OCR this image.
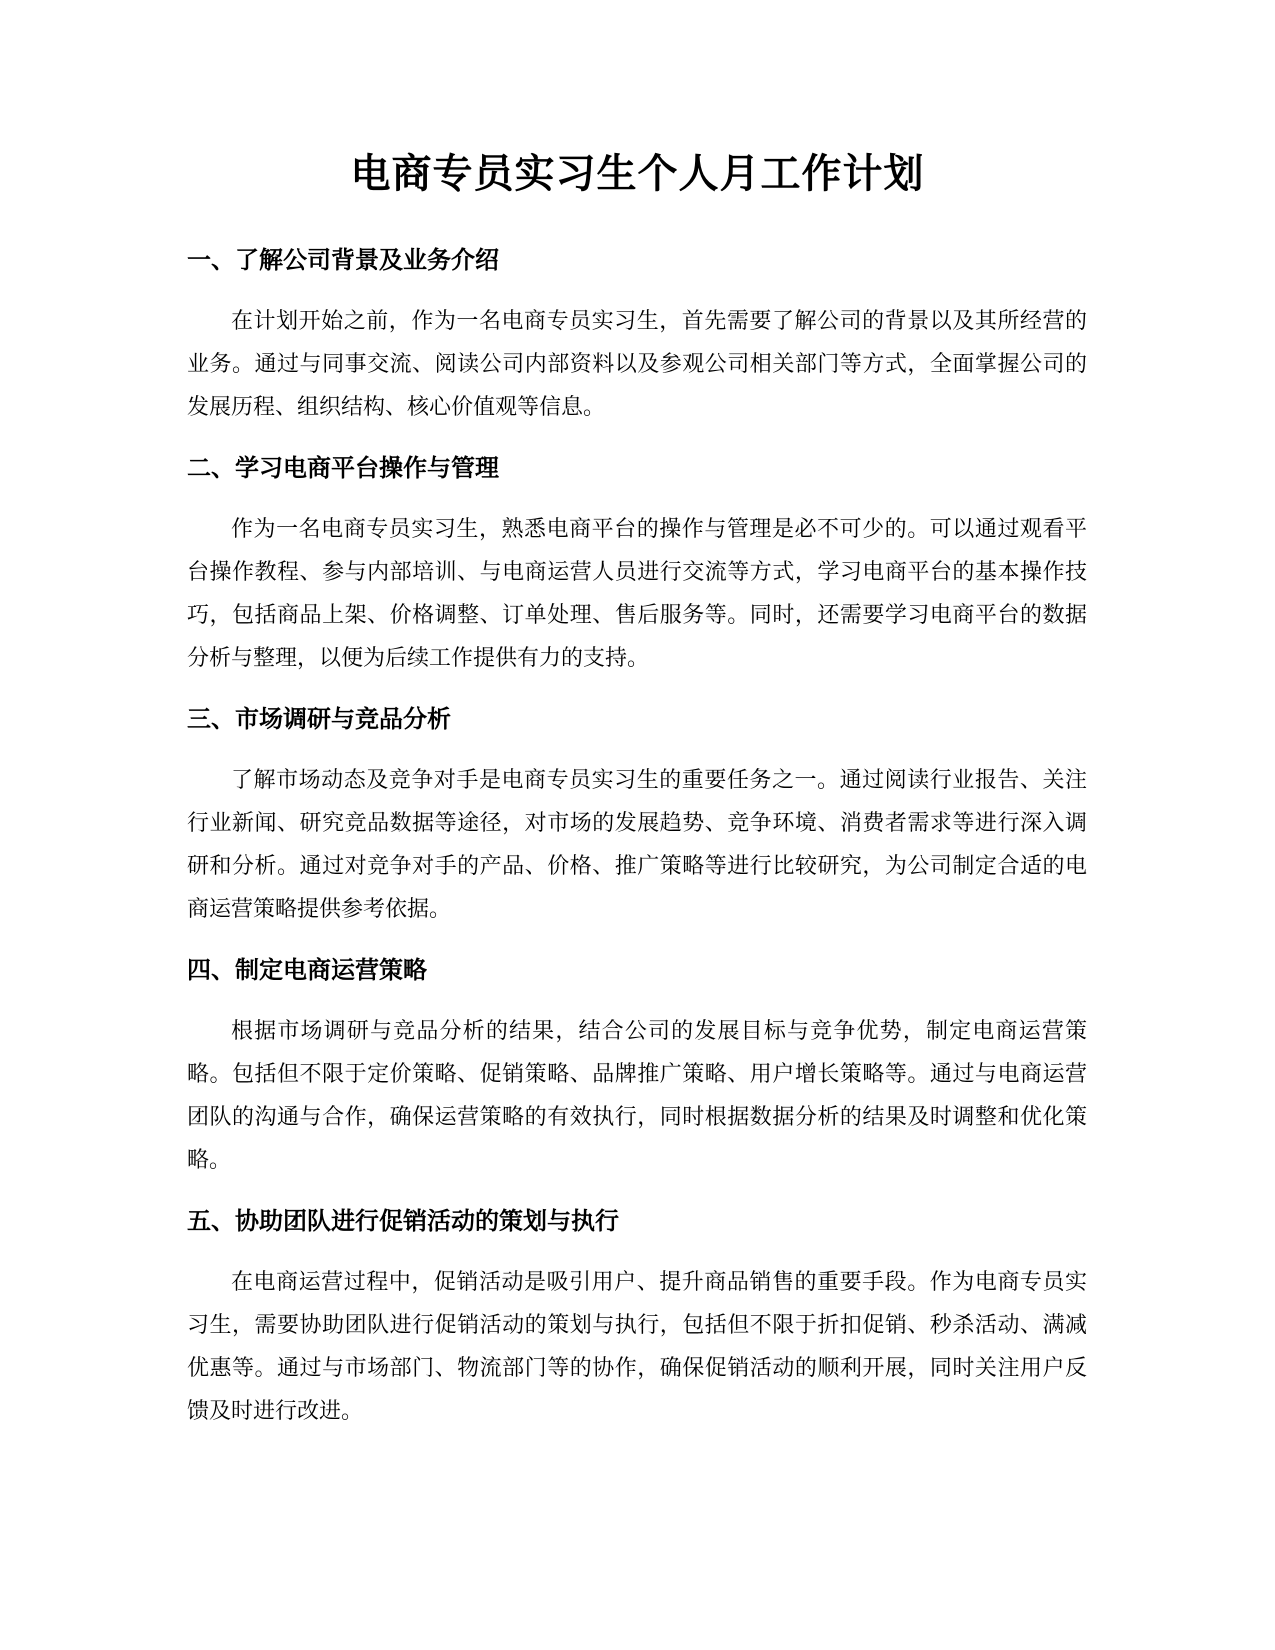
电商专员实习生个人月工作计划
一、了解公司背景及业务介绍

在计划开始之前，作为一名电商专员实习生，首先需要了解公司的背景以及其所经营的业务。通过与同事交流、阅读公司内部资料以及参观公司相关部门等方式，全面掌握公司的发展历程、组织结构、核心价值观等信息。

二、学习电商平台操作与管理

作为一名电商专员实习生，熟悉电商平台的操作与管理是必不可少的。可以通过观看平台操作教程、参与内部培训、与电商运营人员进行交流等方式，学习电商平台的基本操作技巧，包括商品上架、价格调整、订单处理、售后服务等。同时，还需要学习电商平台的数据分析与整理，以便为后续工作提供有力的支持。

三、市场调研与竞品分析

了解市场动态及竞争对手是电商专员实习生的重要任务之一。通过阅读行业报告、关注行业新闻、研究竞品数据等途径，对市场的发展趋势、竞争环境、消费者需求等进行深入调研和分析。通过对竞争对手的产品、价格、推广策略等进行比较研究，为公司制定合适的电商运营策略提供参考依据。

四、制定电商运营策略

根据市场调研与竞品分析的结果，结合公司的发展目标与竞争优势，制定电商运营策略。包括但不限于定价策略、促销策略、品牌推广策略、用户增长策略等。通过与电商运营团队的沟通与合作，确保运营策略的有效执行，同时根据数据分析的结果及时调整和优化策略。

五、协助团队进行促销活动的策划与执行

在电商运营过程中，促销活动是吸引用户、提升商品销售的重要手段。作为电商专员实习生，需要协助团队进行促销活动的策划与执行，包括但不限于折扣促销、秒杀活动、满减优惠等。通过与市场部门、物流部门等的协作，确保促销活动的顺利开展，同时关注用户反馈及时进行改进。
